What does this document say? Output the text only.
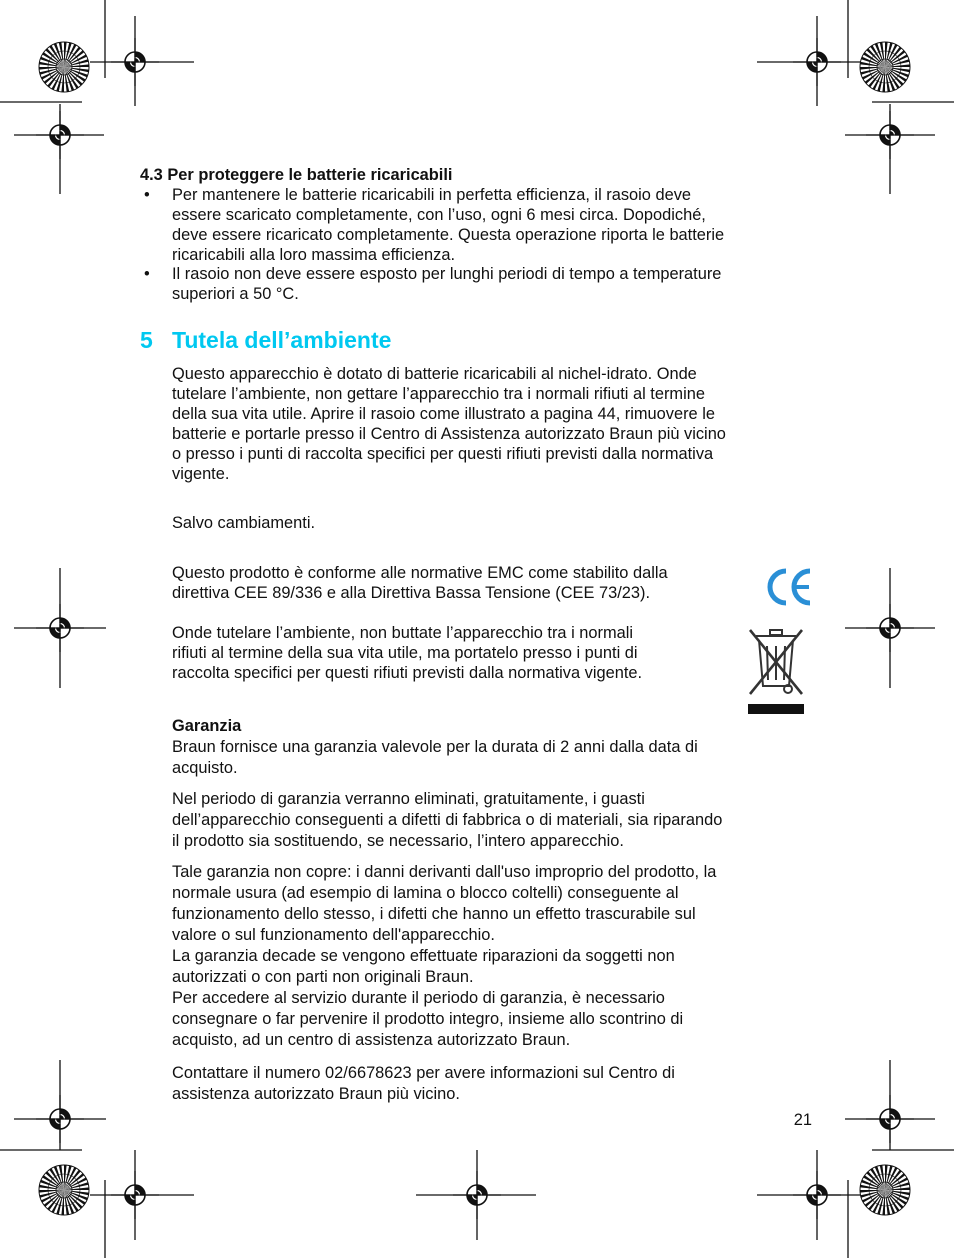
4.3 Per proteggere le batterie ricaricabili
• Per mantenere le batterie ricaricabili in perfetta efficienza, il rasoio deve
essere scaricato completamente, con l’uso, ogni 6 mesi circa. Dopodiché,
deve essere ricaricato completamente. Questa operazione riporta le batterie
ricaricabili alla loro massima efficienza.
• Il rasoio non deve essere esposto per lunghi periodi di tempo a temperature
superiori a 50 °C.
5 Tutela dell’ambiente
Questo apparecchio è dotato di batterie ricaricabili al nichel-idrato. Onde
tutelare l’ambiente, non gettare l’apparecchio tra i normali rifiuti al termine
della sua vita utile. Aprire il rasoio come illustrato a pagina 44, rimuovere le
batterie e portarle presso il Centro di Assistenza autorizzato Braun più vicino
o presso i punti di raccolta specifici per questi rifiuti previsti dalla normativa
vigente.
Salvo cambiamenti.
Questo prodotto è conforme alle normative EMC come stabilito dalla
direttiva CEE 89/336 e alla Direttiva Bassa Tensione (CEE 73/23).
Onde tutelare l’ambiente, non buttate l’apparecchio tra i normali
rifiuti al termine della sua vita utile, ma portatelo presso i punti di
raccolta specifici per questi rifiuti previsti dalla normativa vigente.
Garanzia
Braun fornisce una garanzia valevole per la durata di 2 anni dalla data di
acquisto.
Nel periodo di garanzia verranno eliminati, gratuitamente, i guasti
dell’apparecchio conseguenti a difetti di fabbrica o di materiali, sia riparando
il prodotto sia sostituendo, se necessario, l’intero apparecchio.
Tale garanzia non copre: i danni derivanti dall'uso improprio del prodotto, la
normale usura (ad esempio di lamina o blocco coltelli) conseguente al
funzionamento dello stesso, i difetti che hanno un effetto trascurabile sul
valore o sul funzionamento dell'apparecchio.
La garanzia decade se vengono effettuate riparazioni da soggetti non
autorizzati o con parti non originali Braun.
Per accedere al servizio durante il periodo di garanzia, è necessario
consegnare o far pervenire il prodotto integro, insieme allo scontrino di
acquisto, ad un centro di assistenza autorizzato Braun.
Contattare il numero 02/6678623 per avere informazioni sul Centro di
assistenza autorizzato Braun più vicino.
21
